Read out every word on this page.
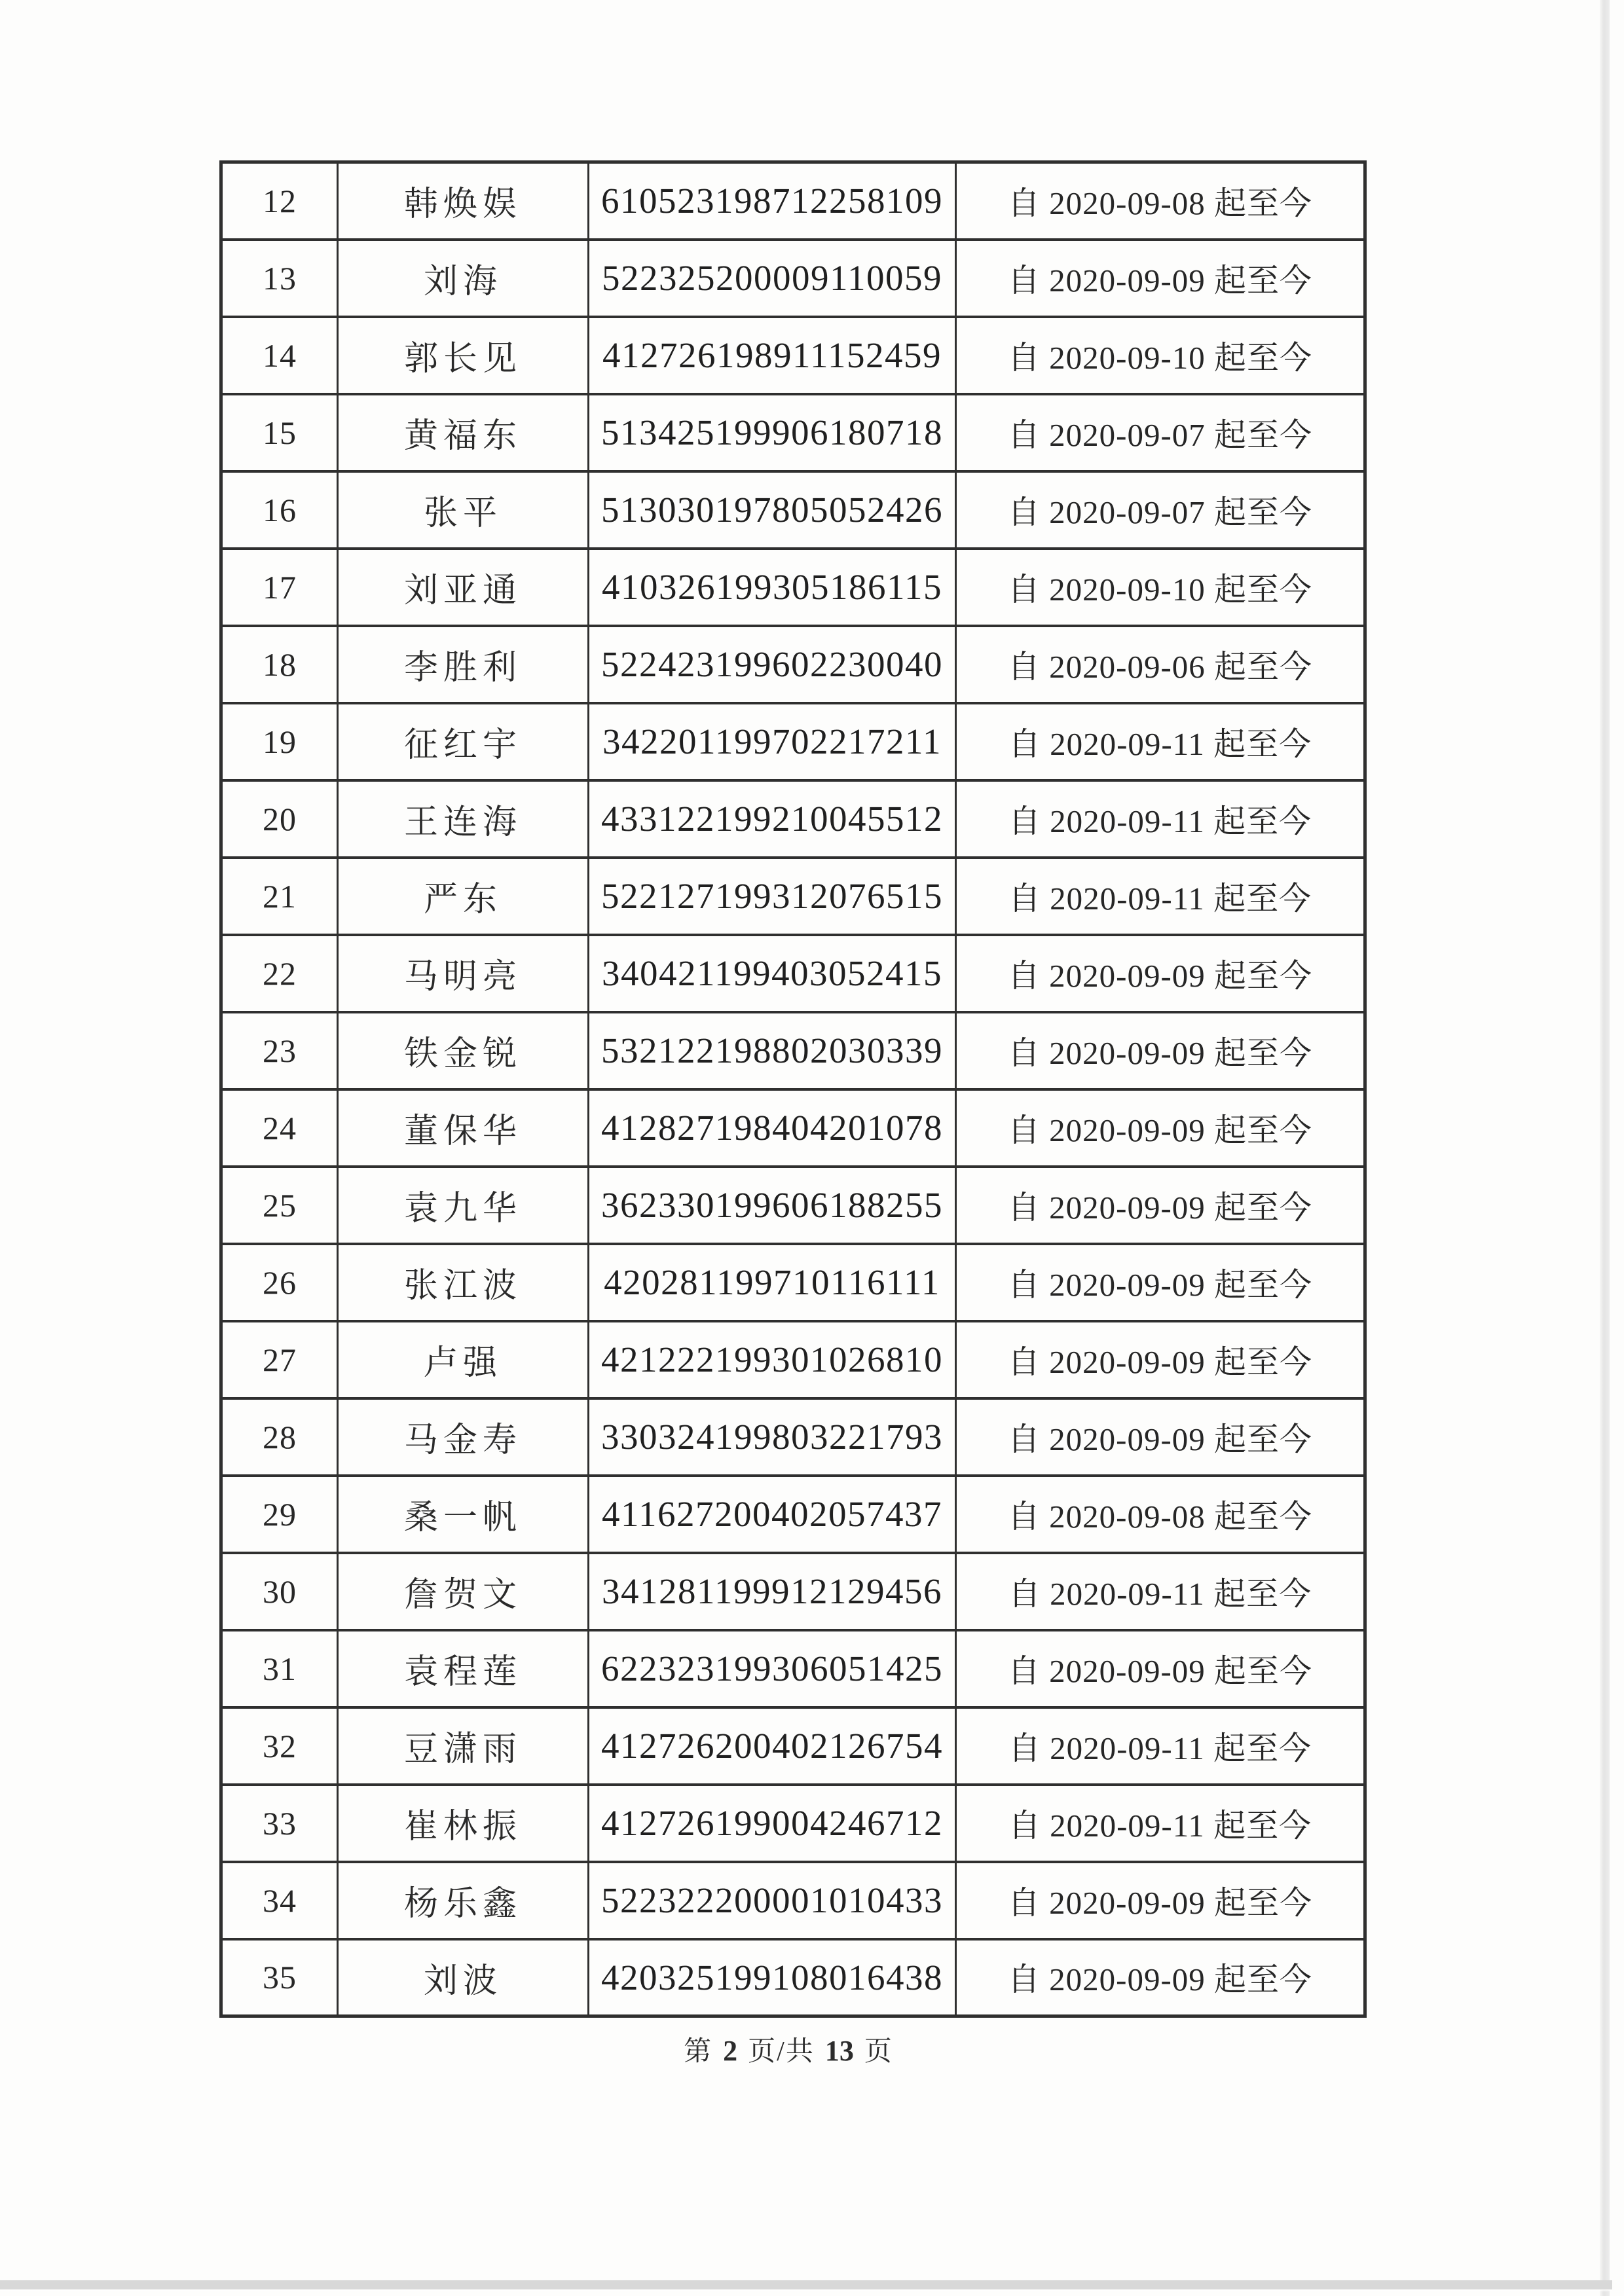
12	韩焕娱	610523198712258109	自 2020-09-08 起至今
13	刘海	522325200009110059	自 2020-09-09 起至今
14	郭长见	412726198911152459	自 2020-09-10 起至今
15	黄福东	513425199906180718	自 2020-09-07 起至今
16	张平	513030197805052426	自 2020-09-07 起至今
17	刘亚通	410326199305186115	自 2020-09-10 起至今
18	李胜利	522423199602230040	自 2020-09-06 起至今
19	征红宇	342201199702217211	自 2020-09-11 起至今
20	王连海	433122199210045512	自 2020-09-11 起至今
21	严东	522127199312076515	自 2020-09-11 起至今
22	马明亮	340421199403052415	自 2020-09-09 起至今
23	铁金锐	532122198802030339	自 2020-09-09 起至今
24	董保华	412827198404201078	自 2020-09-09 起至今
25	袁九华	362330199606188255	自 2020-09-09 起至今
26	张江波	420281199710116111	自 2020-09-09 起至今
27	卢强	421222199301026810	自 2020-09-09 起至今
28	马金寿	330324199803221793	自 2020-09-09 起至今
29	桑一帆	411627200402057437	自 2020-09-08 起至今
30	詹贺文	341281199912129456	自 2020-09-11 起至今
31	袁程莲	622323199306051425	自 2020-09-09 起至今
32	豆潇雨	412726200402126754	自 2020-09-11 起至今
33	崔林振	412726199004246712	自 2020-09-11 起至今
34	杨乐鑫	522322200001010433	自 2020-09-09 起至今
35	刘波	420325199108016438	自 2020-09-09 起至今
第 2 页/共 13 页
